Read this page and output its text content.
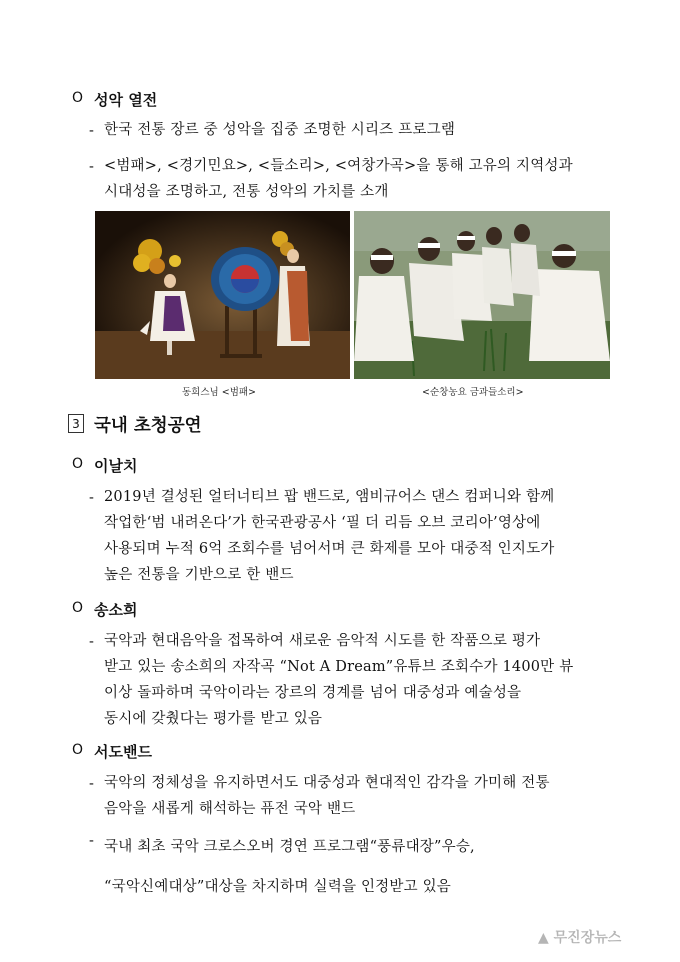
O 성악 열전
- 한국 전통 장르 중 성악을 집중 조명한 시리즈 프로그램
- <범패>, <경기민요>, <들소리>, <여창가곡>을 통해 고유의 지역성과
시대성을 조명하고, 전통 성악의 가치를 소개
동희스님 <범패>	<순창농요 금과들소리>
3 국내 초청공연
O 이날치
- 2019년 결성된 얼터너티브 팝 밴드로, 앰비규어스 댄스 컴퍼니와 함께
작업한‘범 내려온다’가 한국관광공사 ‘필 더 리듬 오브 코리아’영상에
사용되며 누적 6억 조회수를 넘어서며 큰 화제를 모아 대중적 인지도가
높은 전통을 기반으로 한 밴드
O 송소희
- 국악과 현대음악을 접목하여 새로운 음악적 시도를 한 작품으로 평가
받고 있는 송소희의 자작곡 “Not A Dream”유튜브 조회수가 1400만 뷰
이상 돌파하며 국악이라는 장르의 경계를 넘어 대중성과 예술성을
동시에 갖췄다는 평가를 받고 있음
O 서도밴드
- 국악의 정체성을 유지하면서도 대중성과 현대적인 감각을 가미해 전통
음악을 새롭게 해석하는 퓨전 국악 밴드
- 국내 최초 국악 크로스오버 경연 프로그램“풍류대장”우승,
“국악신예대상”대상을 차지하며 실력을 인정받고 있음
▲ 무진장뉴스
